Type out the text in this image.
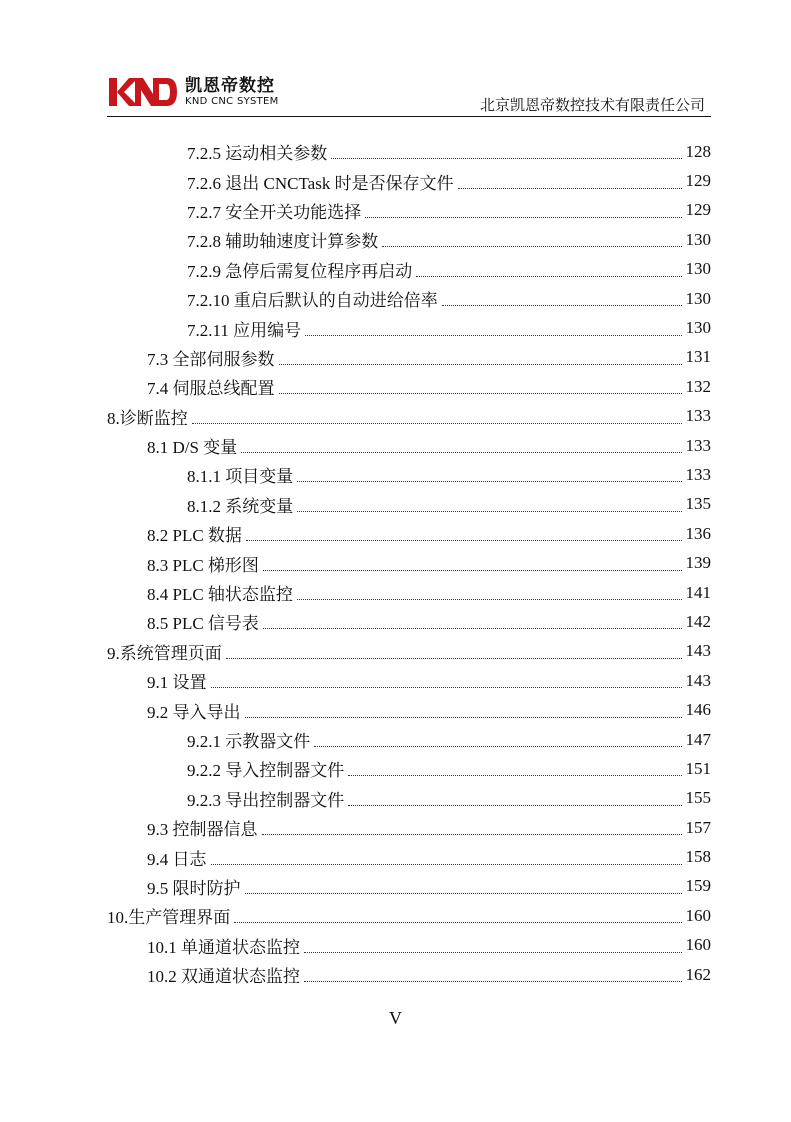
凯恩帝数控
KND CNC SYSTEM	北京凯恩帝数控技术有限责任公司
7.2.5 运动相关参数	128
7.2.6 退出 CNCTask 时是否保存文件	129
7.2.7 安全开关功能选择	129
7.2.8 辅助轴速度计算参数	130
7.2.9 急停后需复位程序再启动	130
7.2.10 重启后默认的自动进给倍率	130
7.2.11 应用编号	130
7.3 全部伺服参数	131
7.4 伺服总线配置	132
8.诊断监控	133
8.1 D/S 变量	133
8.1.1 项目变量	133
8.1.2 系统变量	135
8.2 PLC 数据	136
8.3 PLC 梯形图	139
8.4 PLC 轴状态监控	141
8.5 PLC 信号表	142
9.系统管理页面	143
9.1 设置	143
9.2 导入导出	146
9.2.1 示教器文件	147
9.2.2 导入控制器文件	151
9.2.3 导出控制器文件	155
9.3 控制器信息	157
9.4 日志	158
9.5 限时防护	159
10.生产管理界面	160
10.1 单通道状态监控	160
10.2 双通道状态监控	162
V
